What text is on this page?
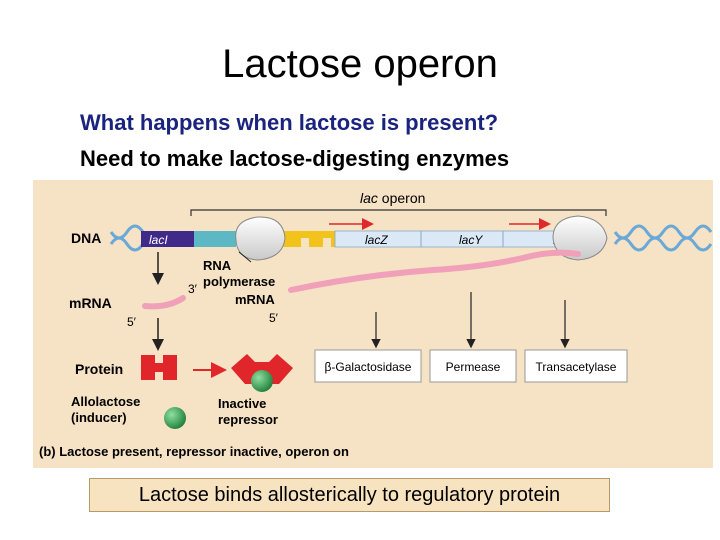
Lactose operon
What happens when lactose is present?
Need to make lactose-digesting enzymes
lac operon
DNA	lacI	lacZ	lacY
RNA
polymerase
mRNA
5′
3′
mRNA
5′
Protein
Inactive
repressor
Allolactose
(inducer)
β-Galactosidase	Permease	Transacetylase
(b) Lactose present, repressor inactive, operon on
Lactose binds allosterically to regulatory protein
